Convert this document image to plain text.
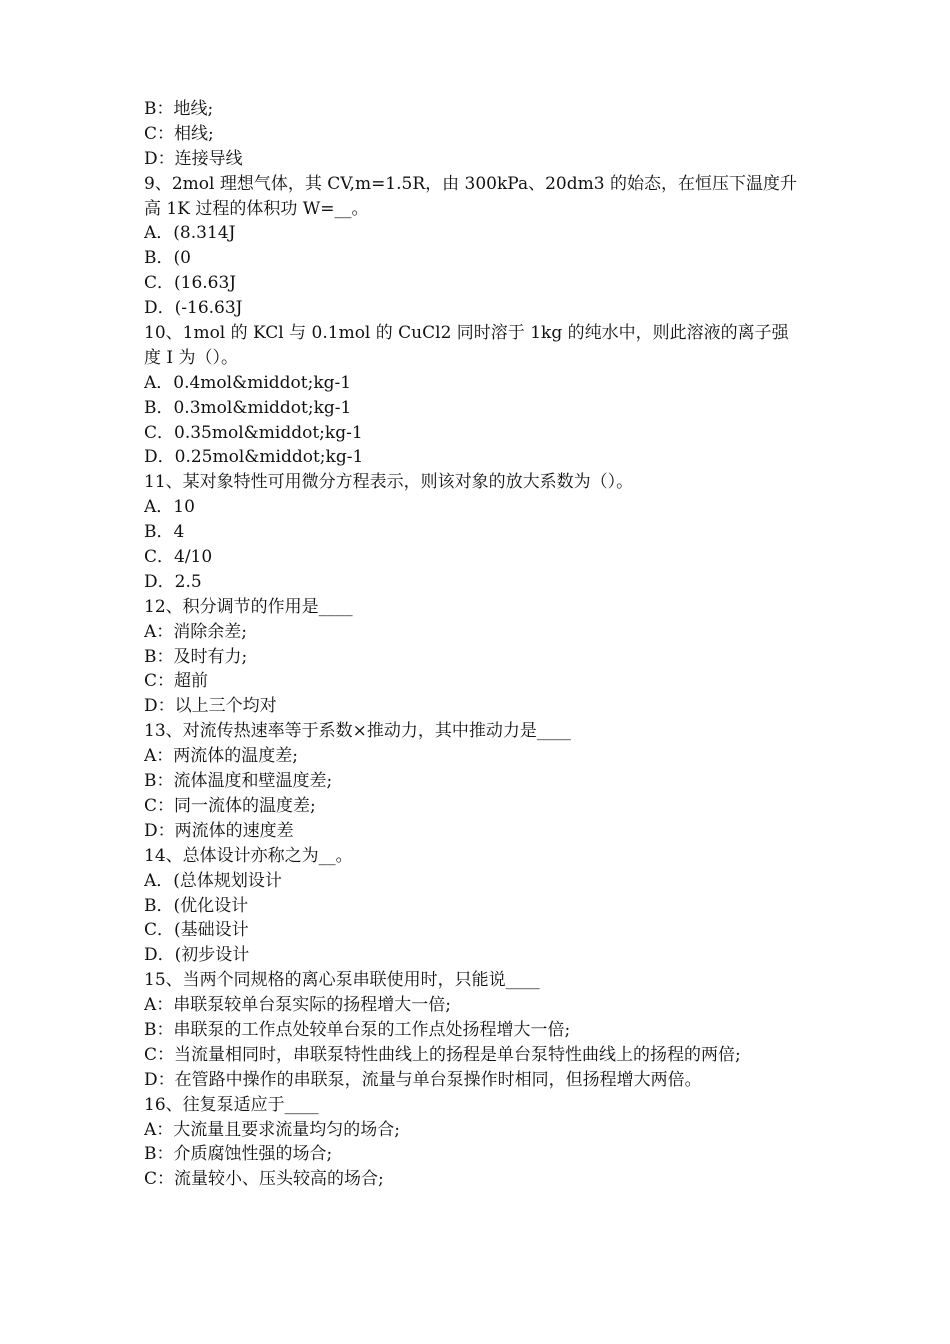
B：地线;
C：相线;
D：连接导线
9、2mol 理想气体，其 CV,m=1.5R，由 300kPa、20dm3 的始态，在恒压下温度升
高 1K 过程的体积功 W=__。
A．(8.314J
B．(0
C．(16.63J
D．(-16.63J
10、1mol 的 KCl 与 0.1mol 的 CuCl2 同时溶于 1kg 的纯水中，则此溶液的离子强
度 I 为（）。
A．0.4mol&middot;kg-1
B．0.3mol&middot;kg-1
C．0.35mol&middot;kg-1
D．0.25mol&middot;kg-1
11、某对象特性可用微分方程表示，则该对象的放大系数为（）。
A．10
B．4
C．4/10
D．2.5
12、积分调节的作用是____
A：消除余差;
B：及时有力;
C：超前
D：以上三个均对
13、对流传热速率等于系数×推动力，其中推动力是____
A：两流体的温度差;
B：流体温度和壁温度差;
C：同一流体的温度差;
D：两流体的速度差
14、总体设计亦称之为__。
A．(总体规划设计
B．(优化设计
C．(基础设计
D．(初步设计
15、当两个同规格的离心泵串联使用时，只能说____
A：串联泵较单台泵实际的扬程增大一倍;
B：串联泵的工作点处较单台泵的工作点处扬程增大一倍;
C：当流量相同时，串联泵特性曲线上的扬程是单台泵特性曲线上的扬程的两倍;
D：在管路中操作的串联泵，流量与单台泵操作时相同，但扬程增大两倍。
16、往复泵适应于____
A：大流量且要求流量均匀的场合;
B：介质腐蚀性强的场合;
C：流量较小、压头较高的场合;
